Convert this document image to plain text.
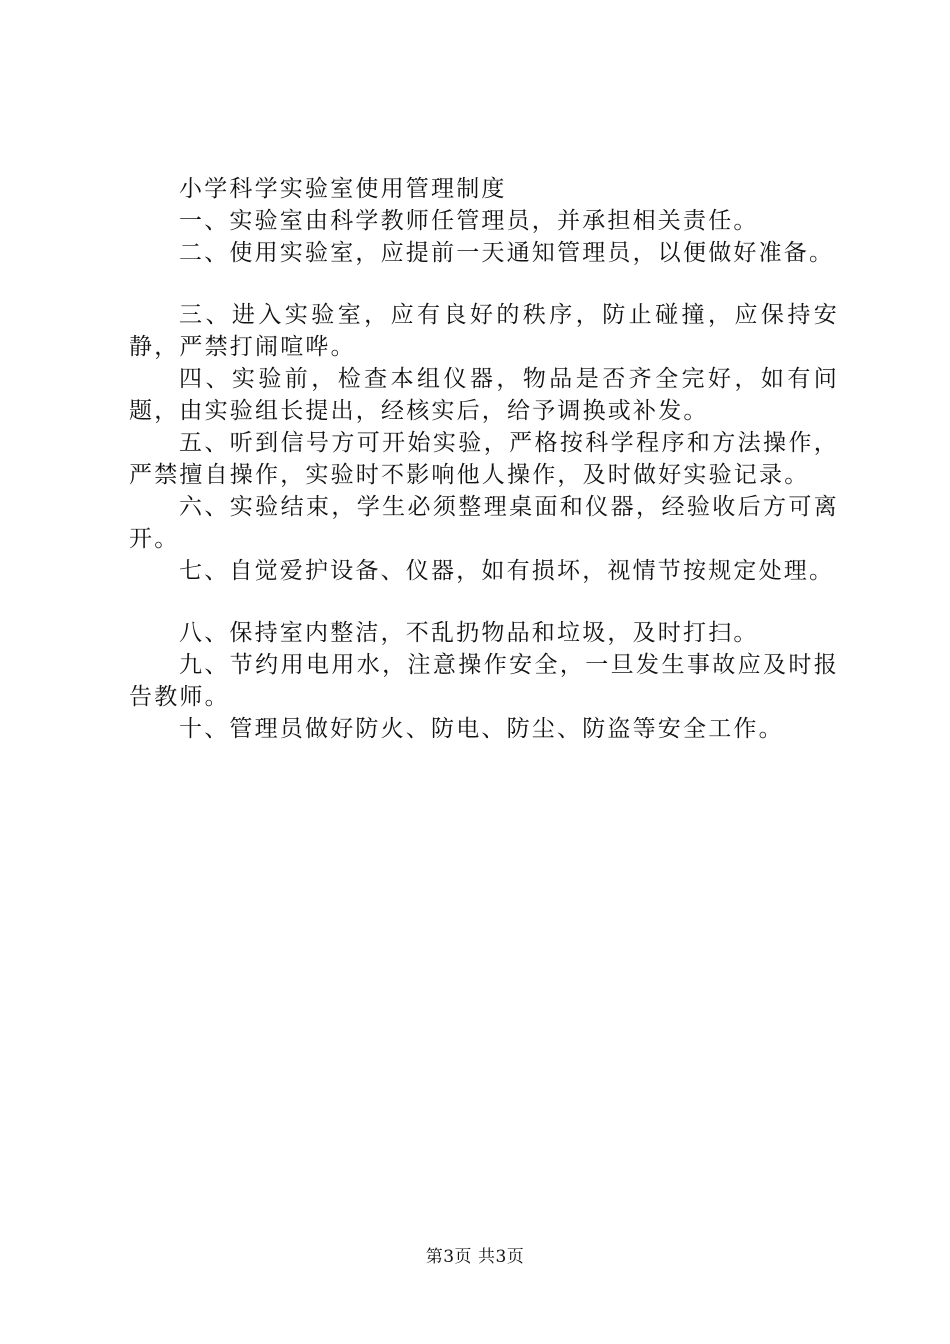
小学科学实验室使用管理制度

一、实验室由科学教师任管理员，并承担相关责任。

二、使用实验室，应提前一天通知管理员，以便做好准备。

三、进入实验室，应有良好的秩序，防止碰撞，应保持安静，严禁打闹喧哗。

四、实验前，检查本组仪器，物品是否齐全完好，如有问题，由实验组长提出，经核实后，给予调换或补发。

五、听到信号方可开始实验，严格按科学程序和方法操作，严禁擅自操作，实验时不影响他人操作，及时做好实验记录。

六、实验结束，学生必须整理桌面和仪器，经验收后方可离开。

七、自觉爱护设备、仪器，如有损坏，视情节按规定处理。

八、保持室内整洁，不乱扔物品和垃圾，及时打扫。

九、节约用电用水，注意操作安全，一旦发生事故应及时报告教师。

十、管理员做好防火、防电、防尘、防盗等安全工作。

第3页 共3页
